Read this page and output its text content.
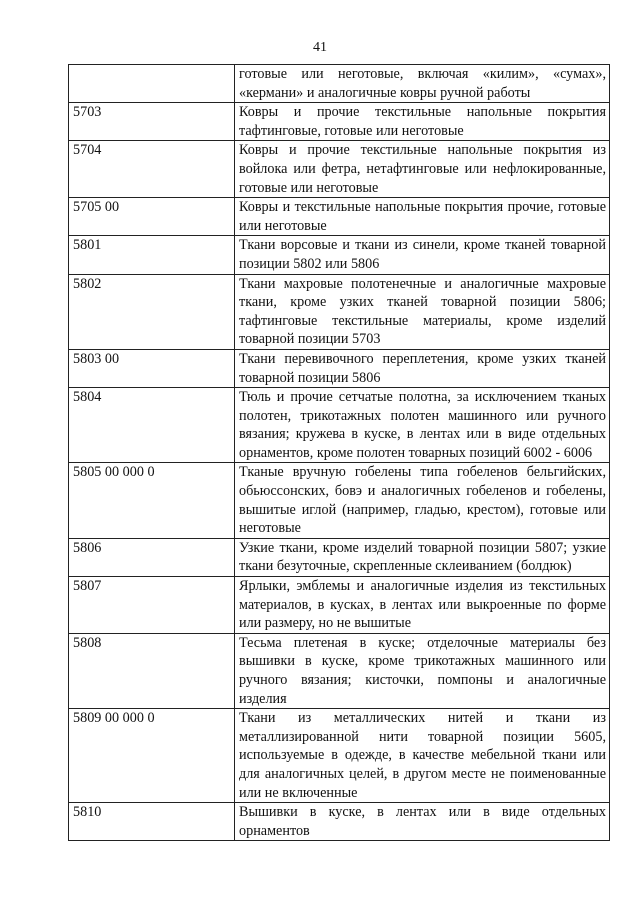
41
	готовые или неготовые, включая «килим», «сумах», «кермани» и аналогичные ковры ручной работы
5703	Ковры и прочие текстильные напольные покрытия тафтинговые, готовые или неготовые
5704	Ковры и прочие текстильные напольные покрытия из войлока или фетра, нетафтинговые или нефлокированные, готовые или неготовые
5705 00	Ковры и текстильные напольные покрытия прочие, готовые или неготовые
5801	Ткани ворсовые и ткани из синели, кроме тканей товарной позиции 5802 или 5806
5802	Ткани махровые полотенечные и аналогичные махровые ткани, кроме узких тканей товарной позиции 5806; тафтинговые текстильные материалы, кроме изделий товарной позиции 5703
5803 00	Ткани перевивочного переплетения, кроме узких тканей товарной позиции 5806
5804	Тюль и прочие сетчатые полотна, за исключением тканых полотен, трикотажных полотен машинного или ручного вязания; кружева в куске, в лентах или в виде отдельных орнаментов, кроме полотен товарных позиций 6002 - 6006
5805 00 000 0	Тканые вручную гобелены типа гобеленов бельгийских, обьюссонских, бовэ и аналогичных гобеленов и гобелены, вышитые иглой (например, гладью, крестом), готовые или неготовые
5806	Узкие ткани, кроме изделий товарной позиции 5807; узкие ткани безуточные, скрепленные склеиванием (болдюк)
5807	Ярлыки, эмблемы и аналогичные изделия из текстильных материалов, в кусках, в лентах или выкроенные по форме или размеру, но не вышитые
5808	Тесьма плетеная в куске; отделочные материалы без вышивки в куске, кроме трикотажных машинного или ручного вязания; кисточки, помпоны и аналогичные изделия
5809 00 000 0	Ткани из металлических нитей и ткани из металлизированной нити товарной позиции 5605, используемые в одежде, в качестве мебельной ткани или для аналогичных целей, в другом месте не поименованные или не включенные
5810	Вышивки в куске, в лентах или в виде отдельных орнаментов
